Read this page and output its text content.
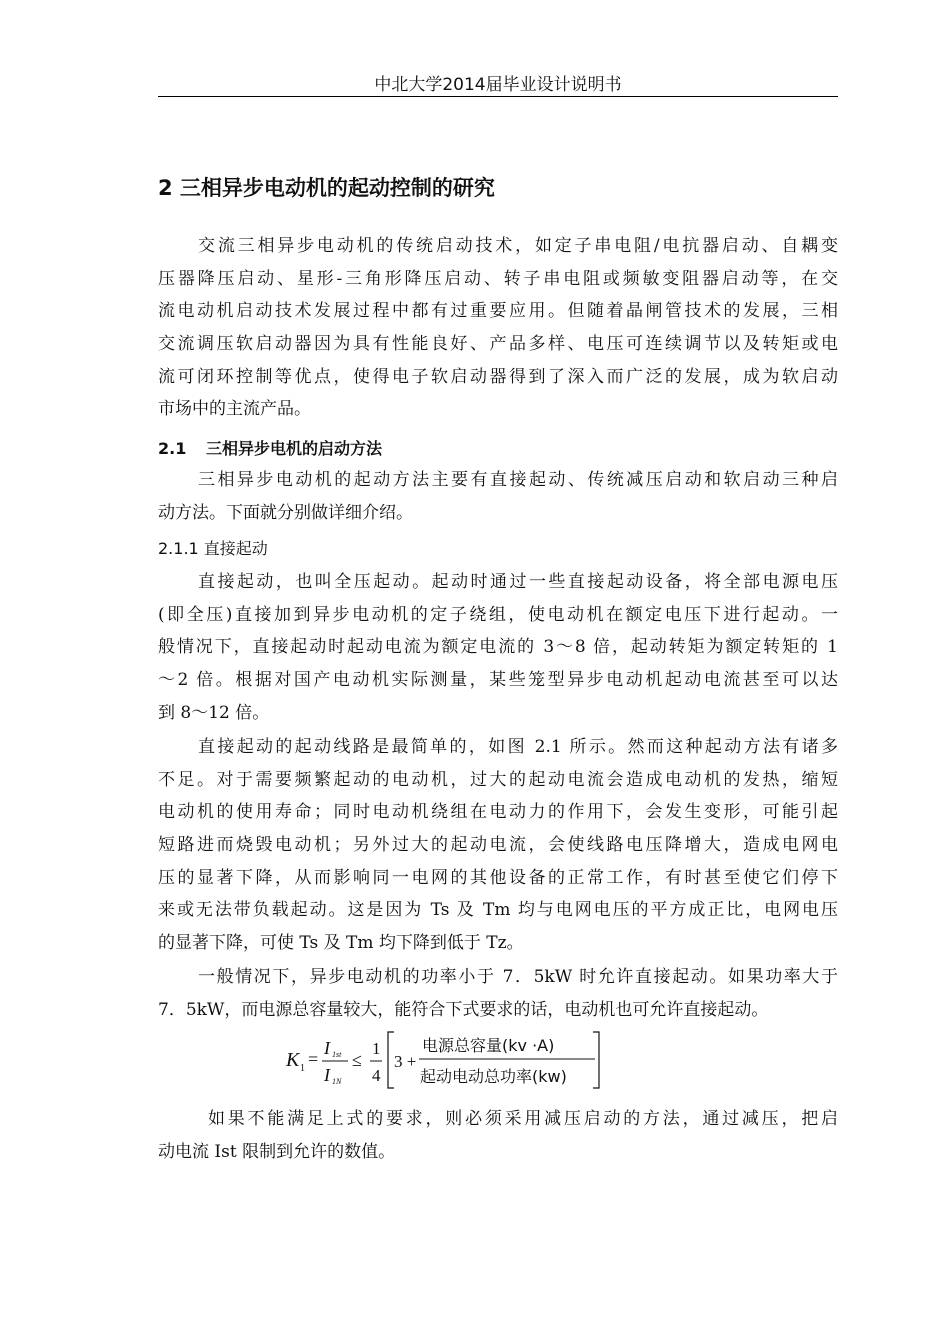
中北大学2014届毕业设计说明书
2 三相异步电动机的起动控制的研究
交流三相异步电动机的传统启动技术，如定子串电阻/电抗器启动、自耦变
压器降压启动、星形-三角形降压启动、转子串电阻或频敏变阻器启动等，在交
流电动机启动技术发展过程中都有过重要应用。但随着晶闸管技术的发展，三相
交流调压软启动器因为具有性能良好、产品多样、电压可连续调节以及转矩或电
流可闭环控制等优点，使得电子软启动器得到了深入而广泛的发展，成为软启动
市场中的主流产品。
2.1 三相异步电机的启动方法
三相异步电动机的起动方法主要有直接起动、传统减压启动和软启动三种启
动方法。下面就分别做详细介绍。
2.1.1 直接起动
直接起动，也叫全压起动。起动时通过一些直接起动设备，将全部电源电压
(即全压)直接加到异步电动机的定子绕组，使电动机在额定电压下进行起动。一
般情况下，直接起动时起动电流为额定电流的 3～8 倍，起动转矩为额定转矩的 1
～2 倍。根据对国产电动机实际测量，某些笼型异步电动机起动电流甚至可以达
到 8～12 倍。
直接起动的起动线路是最简单的，如图 2.1 所示。然而这种起动方法有诸多
不足。对于需要频繁起动的电动机，过大的起动电流会造成电动机的发热，缩短
电动机的使用寿命；同时电动机绕组在电动力的作用下，会发生变形，可能引起
短路进而烧毁电动机；另外过大的起动电流，会使线路电压降增大，造成电网电
压的显著下降，从而影响同一电网的其他设备的正常工作，有时甚至使它们停下
来或无法带负载起动。这是因为 Ts 及 Tm 均与电网电压的平方成正比，电网电压
的显著下降，可使 Ts 及 Tm 均下降到低于 Tz。
一般情况下，异步电动机的功率小于 7．5kW 时允许直接起动。如果功率大于
7．5kW，而电源总容量较大，能符合下式要求的话，电动机也可允许直接起动。
K 1 =
I 1st
I 1N
≤
1
4
3 +
电源总容量(kv ·A)
起动电动总功率(kw)
如果不能满足上式的要求，则必须采用减压启动的方法，通过减压，把启
动电流 Ist 限制到允许的数值。
